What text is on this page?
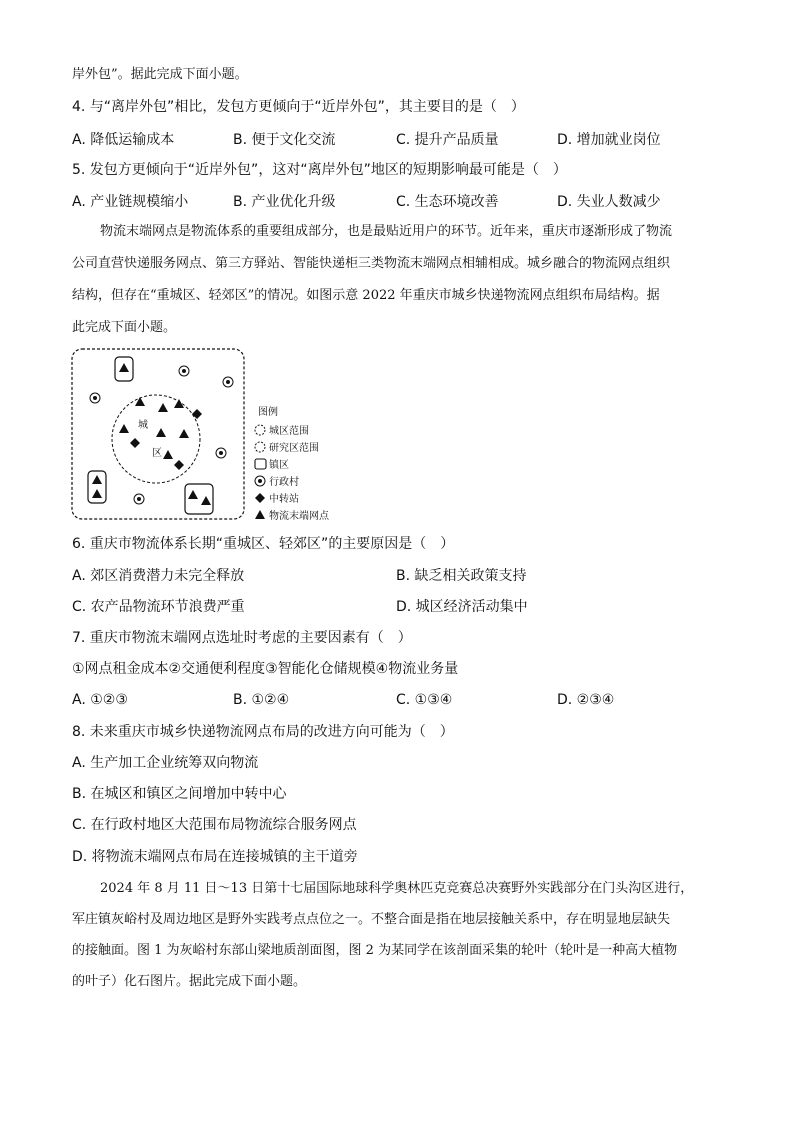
岸外包”。据此完成下面小题。
4. 与“离岸外包”相比，发包方更倾向于“近岸外包”，其主要目的是（　）
A. 降低运输成本	B. 便于文化交流	C. 提升产品质量	D. 增加就业岗位
5. 发包方更倾向于“近岸外包”，这对“离岸外包”地区的短期影响最可能是（　）
A. 产业链规模缩小	B. 产业优化升级	C. 生态环境改善	D. 失业人数减少
物流末端网点是物流体系的重要组成部分，也是最贴近用户的环节。近年来，重庆市逐渐形成了物流
公司直营快递服务网点、第三方驿站、智能快递柜三类物流末端网点相辅相成。城乡融合的物流网点组织
结构，但存在“重城区、轻郊区”的情况。如图示意 2022 年重庆市城乡快递物流网点组织布局结构。据
此完成下面小题。
城
区
图例
城区范围
研究区范围
镇区
行政村
中转站
物流末端网点
6. 重庆市物流体系长期“重城区、轻郊区”的主要原因是（　）
A. 郊区消费潜力未完全释放	B. 缺乏相关政策支持
C. 农产品物流环节浪费严重	D. 城区经济活动集中
7. 重庆市物流末端网点选址时考虑的主要因素有（　）
①网点租金成本②交通便利程度③智能化仓储规模④物流业务量
A. ①②③	B. ①②④	C. ①③④	D. ②③④
8. 未来重庆市城乡快递物流网点布局的改进方向可能为（　）
A. 生产加工企业统筹双向物流
B. 在城区和镇区之间增加中转中心
C. 在行政村地区大范围布局物流综合服务网点
D. 将物流末端网点布局在连接城镇的主干道旁
2024 年 8 月 11 日～13 日第十七届国际地球科学奥林匹克竞赛总决赛野外实践部分在门头沟区进行，
军庄镇灰峪村及周边地区是野外实践考点点位之一。不整合面是指在地层接触关系中，存在明显地层缺失
的接触面。图 1 为灰峪村东部山梁地质剖面图，图 2 为某同学在该剖面采集的轮叶（轮叶是一种高大植物
的叶子）化石图片。据此完成下面小题。
